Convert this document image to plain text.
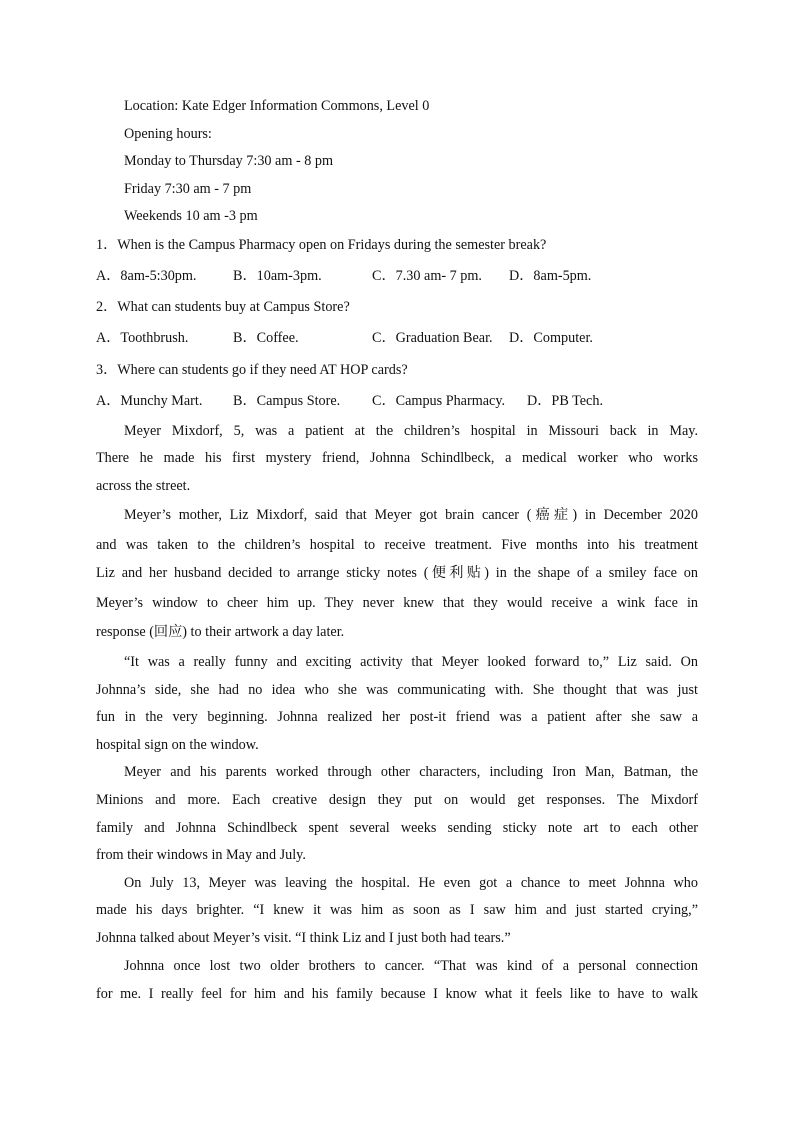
Location: Kate Edger Information Commons, Level 0
Opening hours:
Monday to Thursday 7:30 am - 8 pm
Friday 7:30 am - 7 pm
Weekends 10 am -3 pm
1．When is the Campus Pharmacy open on Fridays during the semester break?
A．8am-5:30pm.	B．10am-3pm.	C．7.30 am- 7 pm. D．8am-5pm.
2．What can students buy at Campus Store?
A．Toothbrush.	B．Coffee.	C．Graduation Bear. D．Computer.
3．Where can students go if they need AT HOP cards?
A．Munchy Mart. B．Campus Store. C．Campus Pharmacy. D．PB Tech.
Meyer Mixdorf, 5, was a patient at the children’s hospital in Missouri back in May.
There he made his first mystery friend, Johnna Schindlbeck, a medical worker who works
across the street.
Meyer’s mother, Liz Mixdorf, said that Meyer got brain cancer (癌症) in December 2020
and was taken to the children’s hospital to receive treatment. Five months into his treatment
Liz and her husband decided to arrange sticky notes (便利贴) in the shape of a smiley face on
Meyer’s window to cheer him up. They never knew that they would receive a wink face in
response (回应) to their artwork a day later.
“It was a really funny and exciting activity that Meyer looked forward to,” Liz said. On
Johnna’s side, she had no idea who she was communicating with. She thought that was just
fun in the very beginning. Johnna realized her post-it friend was a patient after she saw a
hospital sign on the window.
Meyer and his parents worked through other characters, including Iron Man, Batman, the
Minions and more. Each creative design they put on would get responses. The Mixdorf
family and Johnna Schindlbeck spent several weeks sending sticky note art to each other
from their windows in May and July.
On July 13, Meyer was leaving the hospital. He even got a chance to meet Johnna who
made his days brighter. “I knew it was him as soon as I saw him and just started crying,”
Johnna talked about Meyer’s visit. “I think Liz and I just both had tears.”
Johnna once lost two older brothers to cancer. “That was kind of a personal connection
for me. I really feel for him and his family because I know what it feels like to have to walk
